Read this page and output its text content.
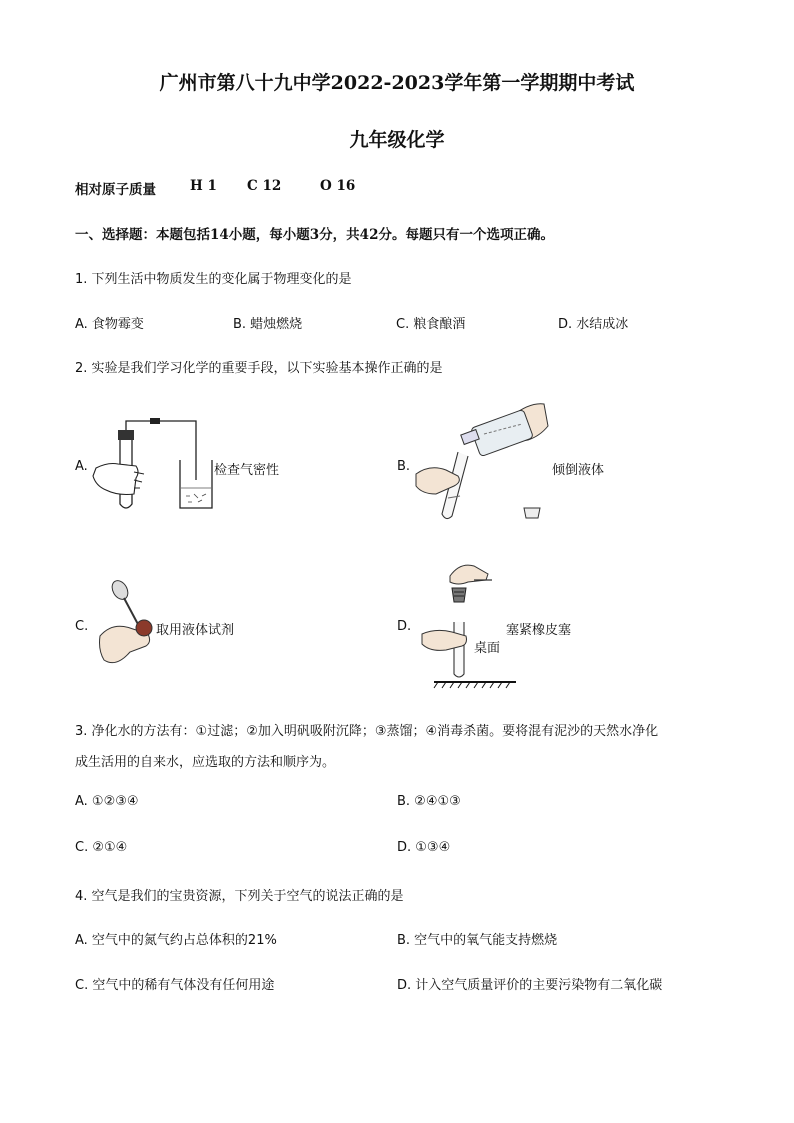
广州市第八十九中学2022-2023学年第一学期期中考试
九年级化学
相对原子质量	H 1 C 12	O 16
一、选择题：本题包括14小题，每小题3分，共42分。每题只有一个选项正确。
1. 下列生活中物质发生的变化属于物理变化的是
A. 食物霉变	B. 蜡烛燃烧	C. 粮食酿酒	D. 水结成冰
2. 实验是我们学习化学的重要手段，以下实验基本操作正确的是
A.	检查气密性	B.	倾倒液体
C.	取用液体试剂	D.	塞紧橡皮塞
桌面
3. 净化水的方法有：①过滤；②加入明矾吸附沉降；③蒸馏；④消毒杀菌。要将混有泥沙的天然水净化
成生活用的自来水，应选取的方法和顺序为。
A. ①②③④	B. ②④①③
C. ②①④	D. ①③④
4. 空气是我们的宝贵资源，下列关于空气的说法正确的是
A. 空气中的氮气约占总体积的21%	B. 空气中的氧气能支持燃烧
C. 空气中的稀有气体没有任何用途	D. 计入空气质量评价的主要污染物有二氧化碳
